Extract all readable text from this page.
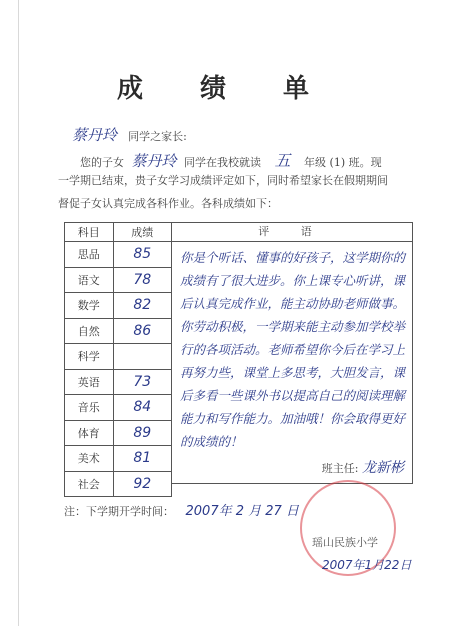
成 绩 单
蔡丹玲 同学之家长:
您的子女 蔡丹玲 同学在我校就读 五 年级 (1) 班。现
一学期已结束，贵子女学习成绩评定如下，同时希望家长在假期期间
督促子女认真完成各科作业。各科成绩如下：
科目	成绩
思品	85
语文	78
数学	82
自然	86
科学	
英语	73
音乐	84
体育	89
美术	81
社会	92
评 语
你是个听话、懂事的好孩子，这学期你的成绩有了很大进步。你上课专心听讲，课后认真完成作业，能主动协助老师做事。你劳动积极，一学期来能主动参加学校举行的各项活动。老师希望你今后在学习上再努力些，课堂上多思考，大胆发言，课后多看一些课外书以提高自己的阅读理解能力和写作能力。加油哦！你会取得更好的成绩的！
班主任: 龙新彬
注：下学期开学时间： 2007年 2 月 27 日
瑶山民族小学
2007年1月22日
